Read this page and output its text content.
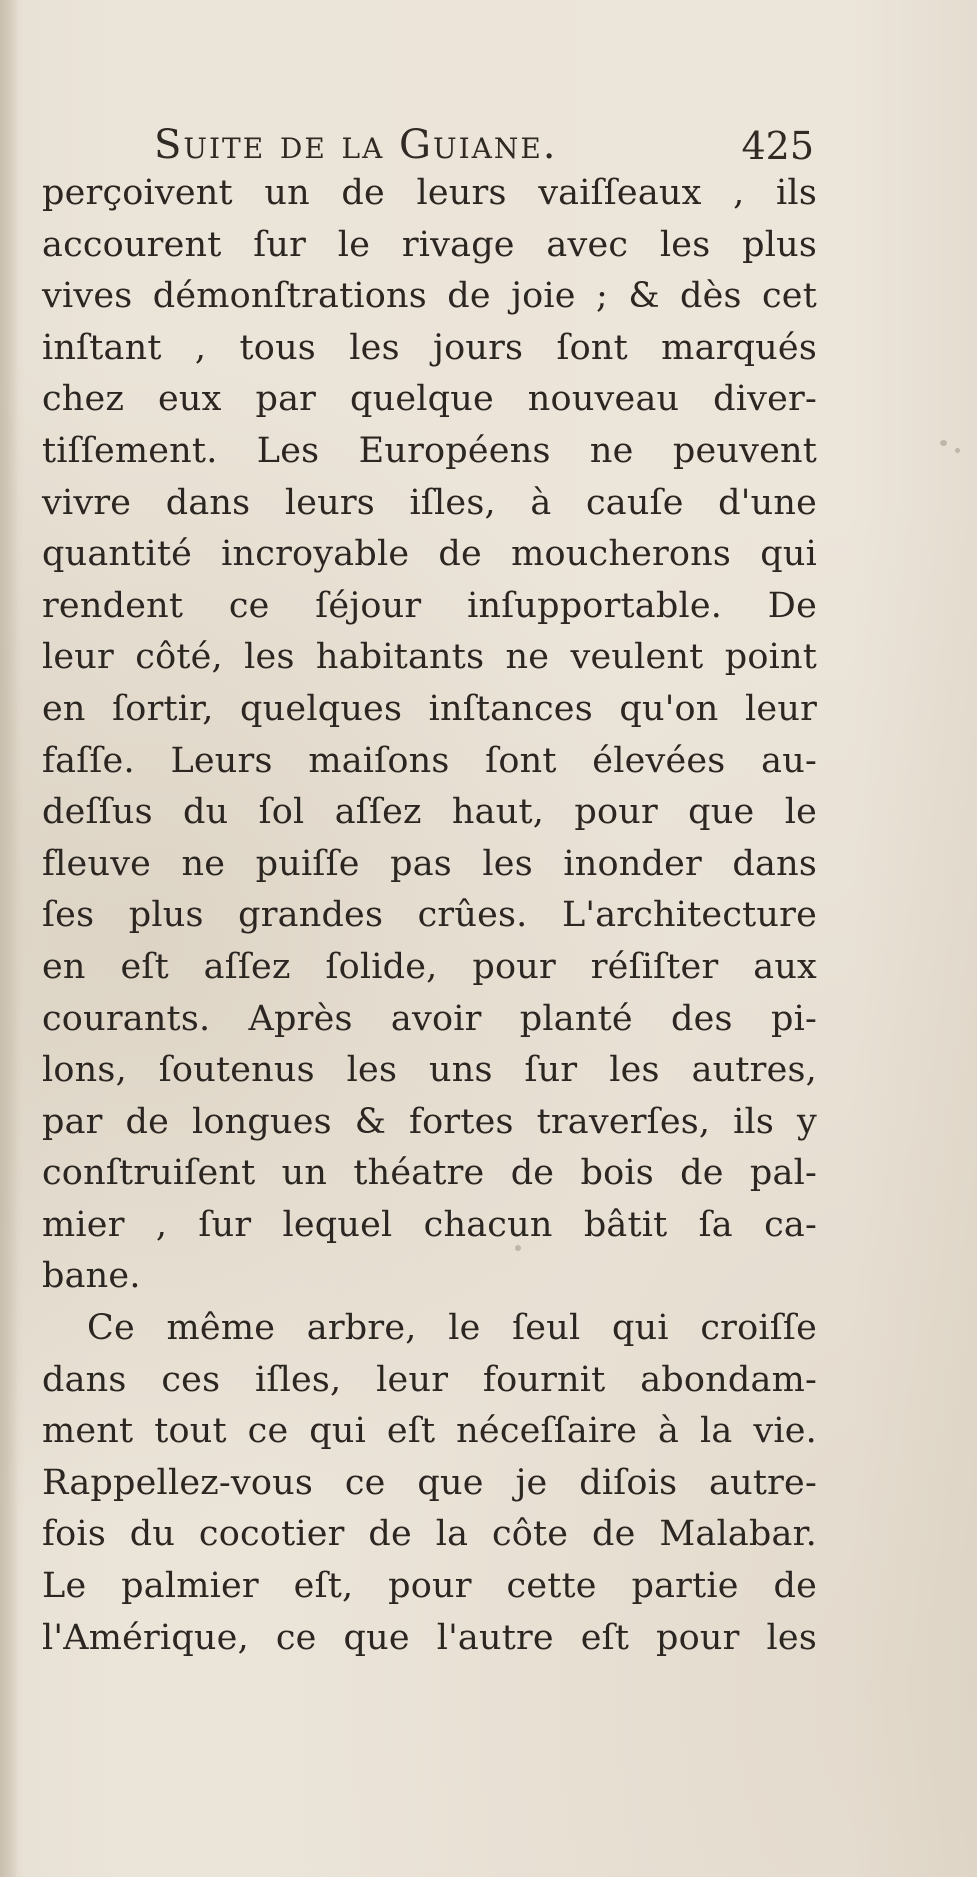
Suite de la Guiane.	425
perçoivent un de leurs vaiſſeaux , ils
accourent ſur le rivage avec les plus
vives démonſtrations de joie ; & dès cet
inſtant , tous les jours ſont marqués
chez eux par quelque nouveau diver-
tiſſement. Les Européens ne peuvent
vivre dans leurs iſles, à cauſe d'une
quantité incroyable de moucherons qui
rendent ce ſéjour inſupportable. De
leur côté, les habitants ne veulent point
en ſortir, quelques inſtances qu'on leur
faſſe. Leurs maiſons ſont élevées au-
deſſus du ſol aſſez haut, pour que le
fleuve ne puiſſe pas les inonder dans
ſes plus grandes crûes. L'architecture
en eſt aſſez ſolide, pour réſiſter aux
courants. Après avoir planté des pi-
lons, ſoutenus les uns ſur les autres,
par de longues & fortes traverſes, ils y
conſtruiſent un théatre de bois de pal-
mier , ſur lequel chacun bâtit ſa ca-
bane.
Ce même arbre, le ſeul qui croiſſe
dans ces iſles, leur fournit abondam-
ment tout ce qui eſt néceſſaire à la vie.
Rappellez-vous ce que je diſois autre-
fois du cocotier de la côte de Malabar.
Le palmier eſt, pour cette partie de
l'Amérique, ce que l'autre eſt pour les
